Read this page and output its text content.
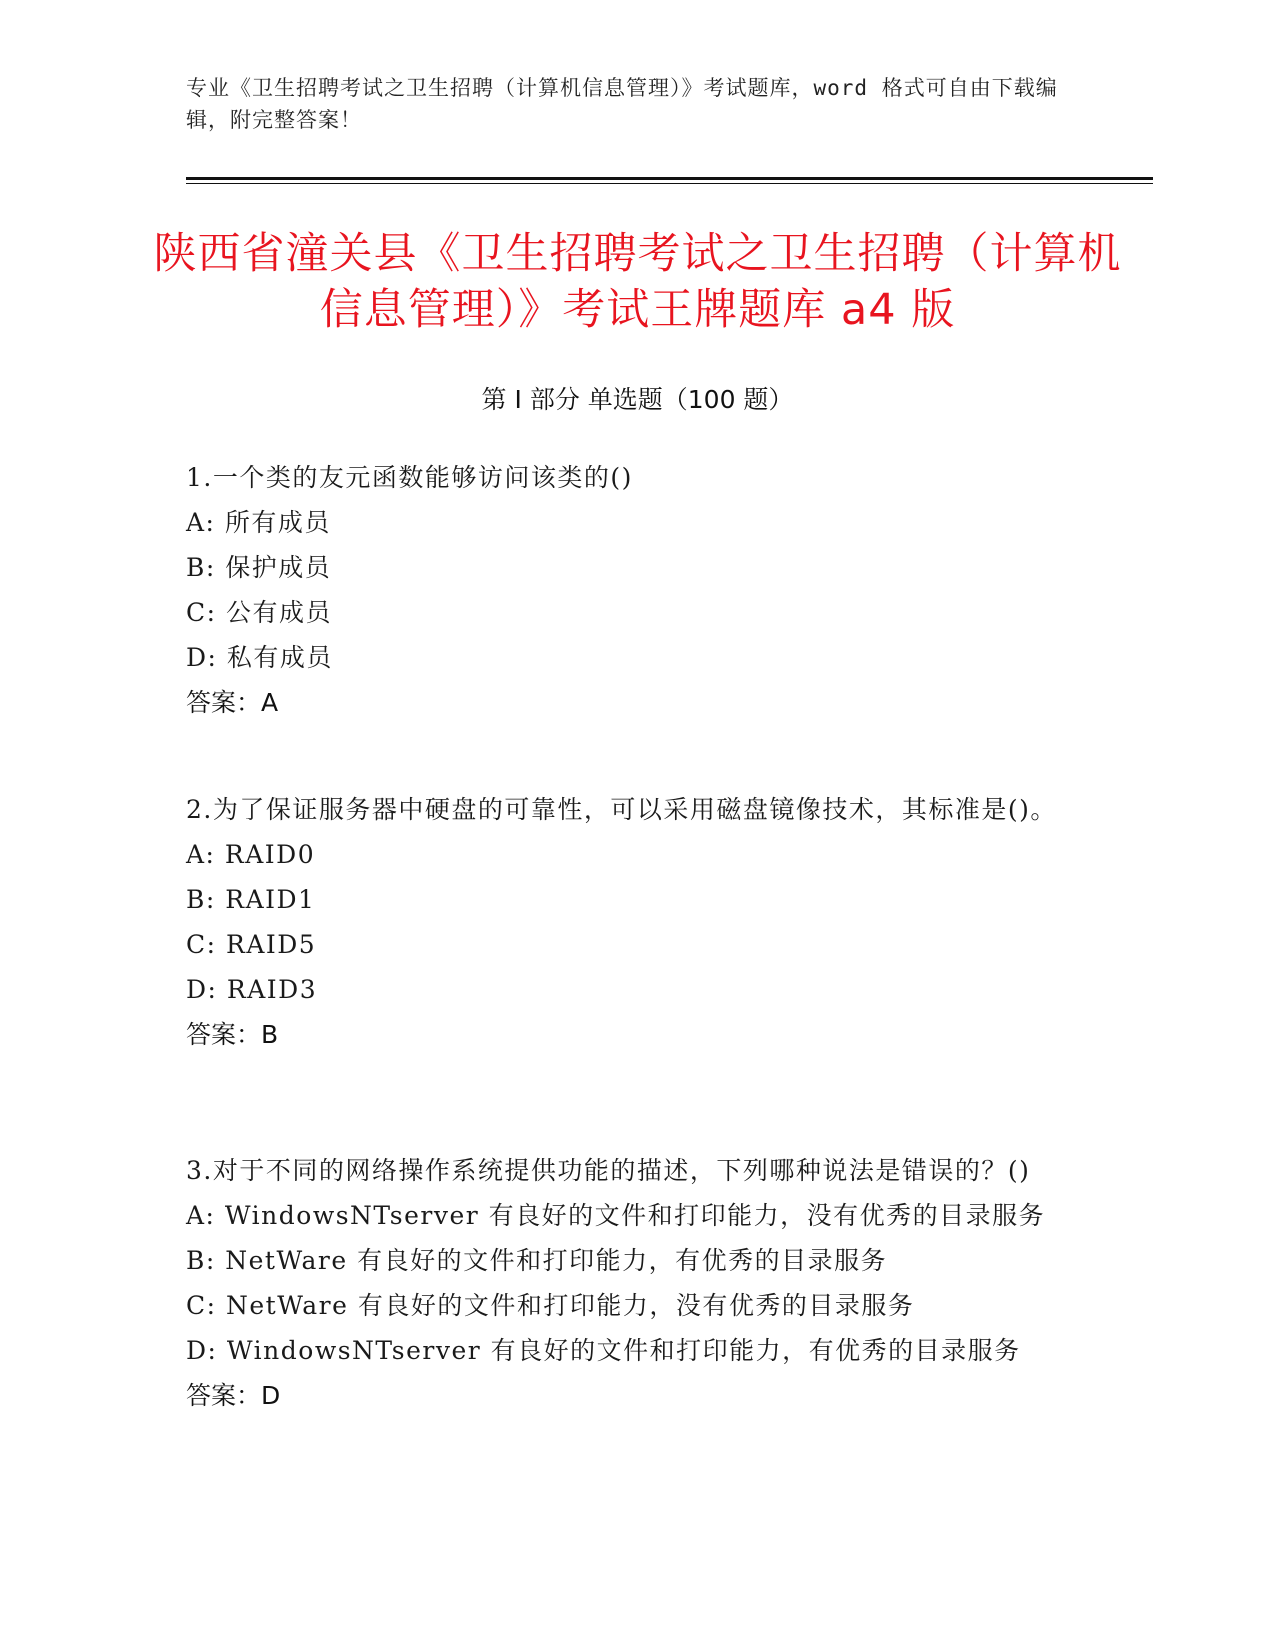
专业《卫生招聘考试之卫生招聘（计算机信息管理）》考试题库，word 格式可自由下载编辑，附完整答案！
陕西省潼关县《卫生招聘考试之卫生招聘（计算机信息管理）》考试王牌题库 a4 版
第 I 部分 单选题（100 题）
1.一个类的友元函数能够访问该类的()
A: 所有成员
B: 保护成员
C: 公有成员
D: 私有成员
答案：A
2.为了保证服务器中硬盘的可靠性，可以采用磁盘镜像技术，其标准是()。
A: RAID0
B: RAID1
C: RAID5
D: RAID3
答案：B
3.对于不同的网络操作系统提供功能的描述，下列哪种说法是错误的？()
A: WindowsNTserver 有良好的文件和打印能力，没有优秀的目录服务
B: NetWare 有良好的文件和打印能力，有优秀的目录服务
C: NetWare 有良好的文件和打印能力，没有优秀的目录服务
D: WindowsNTserver 有良好的文件和打印能力，有优秀的目录服务
答案：D
